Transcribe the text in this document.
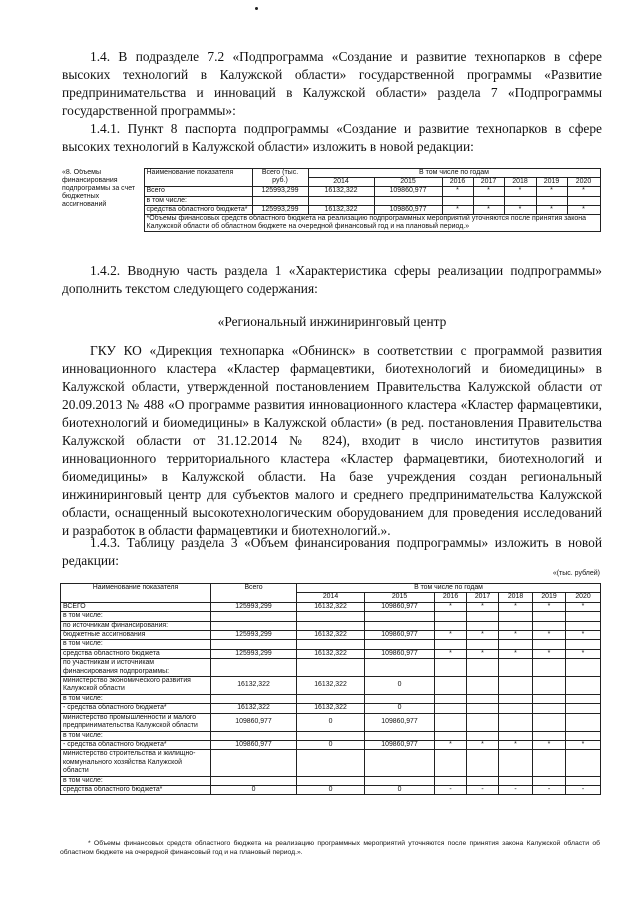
1.4. В подразделе 7.2 «Подпрограмма «Создание и развитие технопарков в сфере высоких технологий в Калужской области» государственной программы «Развитие предпринимательства и инноваций в Калужской области» раздела 7 «Подпрограммы государственной программы»:

1.4.1. Пункт 8 паспорта подпрограммы «Создание и развитие технопарков в сфере высоких технологий в Калужской области» изложить в новой редакции:

«8. Объемы финансирования подпрограммы за счет бюджетных ассигнований	Наименование показателя	Всего (тыс. руб.)	В том числе по годам						
			2014	2015	2016	2017	2018	2019	2020
	Всего	125993,299	16132,322	109860,977	*	*	*	*	*
	в том числе:								
	средства областного бюджета*	125993,299	16132,322	109860,977	*	*	*	*	*
	*Объемы финансовых средств областного бюджета на реализацию подпрограммных мероприятий уточняются после принятия закона Калужской области об областном бюджете на очередной финансовый год и на плановый период.»								

1.4.2. Вводную часть раздела 1 «Характеристика сферы реализации подпрограммы» дополнить текстом следующего содержания:

«Региональный инжиниринговый центр

ГКУ КО «Дирекция технопарка «Обнинск» в соответствии с программой развития инновационного кластера «Кластер фармацевтики, биотехнологий и биомедицины» в Калужской области, утвержденной постановлением Правительства Калужской области от 20.09.2013 № 488 «О программе развития инновационного кластера «Кластер фармацевтики, биотехнологий и биомедицины» в Калужской области» (в ред. постановления Правительства Калужской области от 31.12.2014 № 824), входит в число институтов развития инновационного территориального кластера «Кластер фармацевтики, биотехнологий и биомедицины» в Калужской области. На базе учреждения создан региональный инжиниринговый центр для субъектов малого и среднего предпринимательства Калужской области, оснащенный высокотехнологическим оборудованием для проведения исследований и разработок в области фармацевтики и биотехнологий.».

1.4.3. Таблицу раздела 3 «Объем финансирования подпрограммы» изложить в новой редакции:

«(тыс. рублей)
Наименование показателя	Всего	В том числе по годам						
		2014	2015	2016	2017	2018	2019	2020
ВСЕГО	125993,299	16132,322	109860,977	*	*	*	*	*
в том числе:								
по источникам финансирования:								
бюджетные ассигнования	125993,299	16132,322	109860,977	*	*	*	*	*
в том числе:								
средства областного бюджета	125993,299	16132,322	109860,977	*	*	*	*	*
по участникам и источникам финансирования подпрограммы:								
министерство экономического развития Калужской области	16132,322	16132,322	0					
в том числе:								
- средства областного бюджета*	16132,322	16132,322	0					
министерство промышленности и малого предпринимательства Калужской области	109860,977	0	109860,977					
в том числе:								
- средства областного бюджета*	109860,977	0	109860,977	*	*	*	*	*
министерство строительства и жилищно-коммунального хозяйства Калужской области								
в том числе:								
средства областного бюджета*	0	0	0	-	-	-	-	-

* Объемы финансовых средств областного бюджета на реализацию программных мероприятий уточняются после принятия закона Калужской области об областном бюджете на очередной финансовый год и на плановый период.».
